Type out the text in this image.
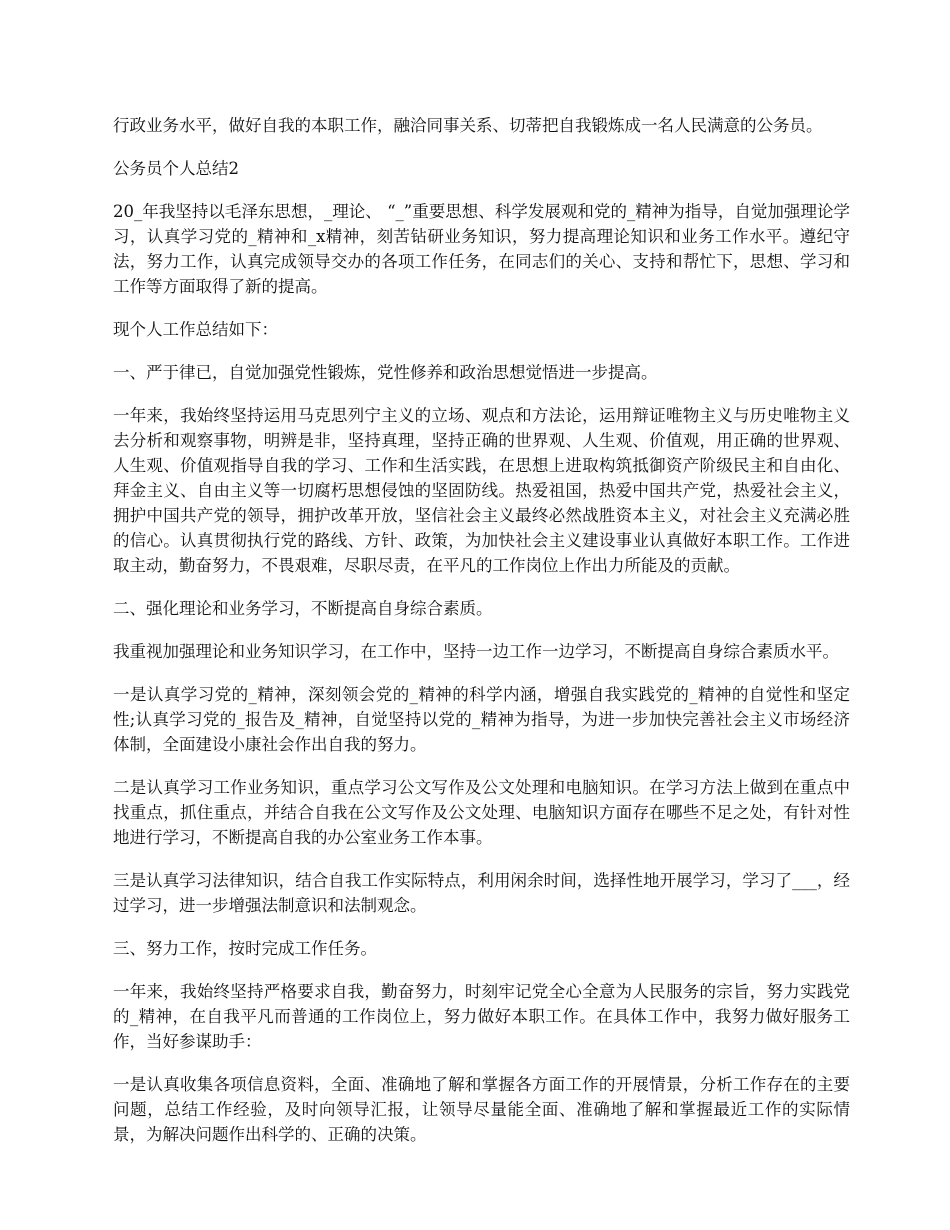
行政业务水平，做好自我的本职工作，融洽同事关系、切蒂把自我锻炼成一名人民满意的公务员。

公务员个人总结2

20_年我坚持以毛泽东思想，_理论、 “_”重要思想、科学发展观和党的_精神为指导，自觉加强理论学习，认真学习党的_精神和_x精神，刻苦钻研业务知识，努力提高理论知识和业务工作水平。遵纪守法，努力工作，认真完成领导交办的各项工作任务，在同志们的关心、支持和帮忙下，思想、学习和工作等方面取得了新的提高。

现个人工作总结如下：

一、严于律已，自觉加强党性锻炼，党性修养和政治思想觉悟进一步提高。

一年来，我始终坚持运用马克思列宁主义的立场、观点和方法论，运用辩证唯物主义与历史唯物主义去分析和观察事物，明辨是非，坚持真理，坚持正确的世界观、人生观、价值观，用正确的世界观、人生观、价值观指导自我的学习、工作和生活实践，在思想上进取构筑抵御资产阶级民主和自由化、拜金主义、自由主义等一切腐朽思想侵蚀的坚固防线。热爱祖国，热爱中国共产党，热爱社会主义，拥护中国共产党的领导，拥护改革开放，坚信社会主义最终必然战胜资本主义，对社会主义充满必胜的信心。认真贯彻执行党的路线、方针、政策，为加快社会主义建设事业认真做好本职工作。工作进取主动，勤奋努力，不畏艰难，尽职尽责，在平凡的工作岗位上作出力所能及的贡献。

二、强化理论和业务学习，不断提高自身综合素质。

我重视加强理论和业务知识学习，在工作中，坚持一边工作一边学习，不断提高自身综合素质水平。

一是认真学习党的_精神，深刻领会党的_精神的科学内涵，增强自我实践党的_精神的自觉性和坚定性;认真学习党的_报告及_精神，自觉坚持以党的_精神为指导，为进一步加快完善社会主义市场经济体制，全面建设小康社会作出自我的努力。

二是认真学习工作业务知识，重点学习公文写作及公文处理和电脑知识。在学习方法上做到在重点中找重点，抓住重点，并结合自我在公文写作及公文处理、电脑知识方面存在哪些不足之处，有针对性地进行学习，不断提高自我的办公室业务工作本事。

三是认真学习法律知识，结合自我工作实际特点，利用闲余时间，选择性地开展学习，学习了___，经过学习，进一步增强法制意识和法制观念。

三、努力工作，按时完成工作任务。

一年来，我始终坚持严格要求自我，勤奋努力，时刻牢记党全心全意为人民服务的宗旨，努力实践党的_精神，在自我平凡而普通的工作岗位上，努力做好本职工作。在具体工作中，我努力做好服务工作，当好参谋助手：

一是认真收集各项信息资料，全面、准确地了解和掌握各方面工作的开展情景，分析工作存在的主要问题，总结工作经验，及时向领导汇报，让领导尽量能全面、准确地了解和掌握最近工作的实际情景，为解决问题作出科学的、正确的决策。
